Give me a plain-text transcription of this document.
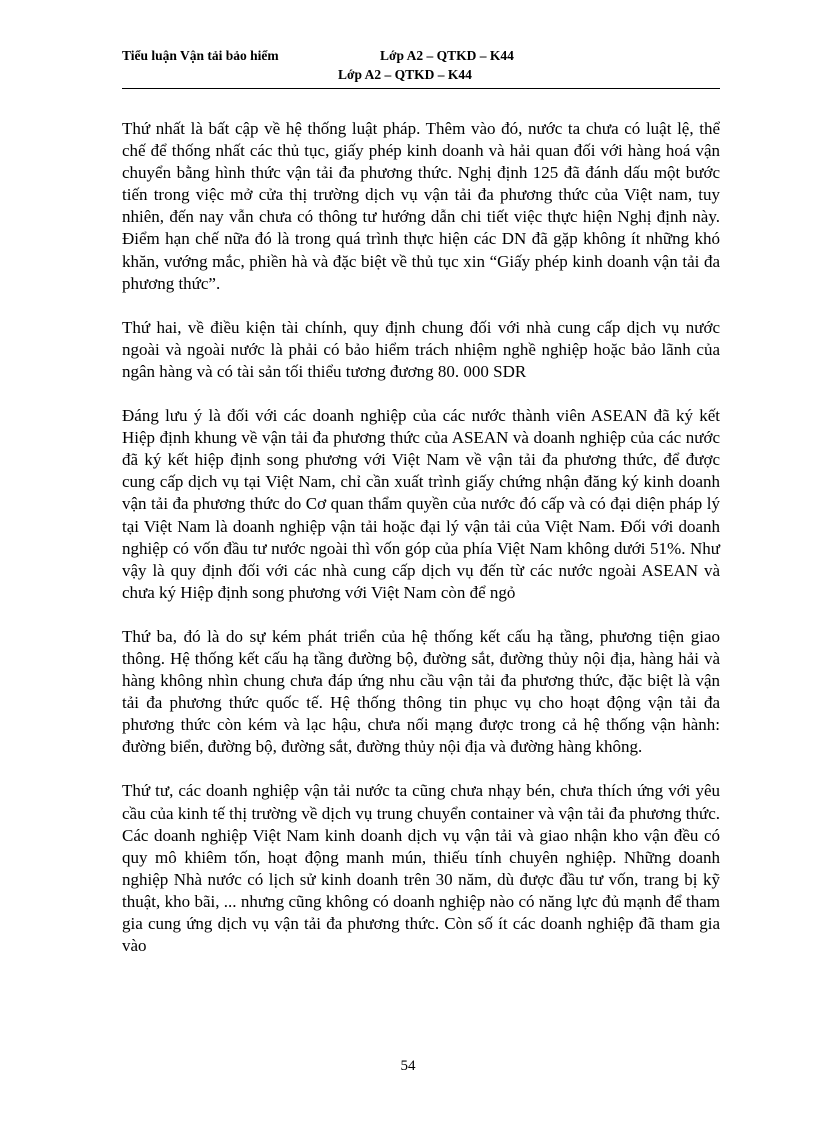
Tiểu luận Vận tải bảo hiểm	Lớp A2 – QTKD – K44
Lớp A2 – QTKD – K44

Thứ nhất là bất cập về hệ thống luật pháp. Thêm vào đó, nước ta chưa có luật lệ, thể chế để thống nhất các thủ tục, giấy phép kinh doanh và hải quan đối với hàng hoá vận chuyển bằng hình thức vận tải đa phương thức. Nghị định 125 đã đánh dấu một bước tiến trong việc mở cửa thị trường dịch vụ vận tải đa phương thức của Việt nam, tuy nhiên, đến nay vẫn chưa có thông tư hướng dẫn chi tiết việc thực hiện Nghị định này. Điểm hạn chế nữa đó là trong quá trình thực hiện các DN đã gặp không ít những khó khăn, vướng mắc, phiền hà và đặc biệt về thủ tục xin “Giấy phép kinh doanh vận tải đa phương thức”.

Thứ hai, về điều kiện tài chính, quy định chung đối với nhà cung cấp dịch vụ nước ngoài và ngoài nước là phải có bảo hiểm trách nhiệm nghề nghiệp hoặc bảo lãnh của ngân hàng và có tài sản tối thiểu tương đương 80. 000 SDR

Đáng lưu ý là đối với các doanh nghiệp của các nước thành viên ASEAN đã ký kết Hiệp định khung về vận tải đa phương thức của ASEAN và doanh nghiệp của các nước đã ký kết hiệp định song phương với Việt Nam về vận tải đa phương thức, để được cung cấp dịch vụ tại Việt Nam, chỉ cần xuất trình giấy chứng nhận đăng ký kinh doanh vận tải đa phương thức do Cơ quan thẩm quyền của nước đó cấp và có đại diện pháp lý tại Việt Nam là doanh nghiệp vận tải hoặc đại lý vận tải của Việt Nam. Đối với doanh nghiệp có vốn đầu tư nước ngoài thì vốn góp của phía Việt Nam không dưới 51%. Như vậy là quy định đối với các nhà cung cấp dịch vụ đến từ các nước ngoài ASEAN và chưa ký Hiệp định song phương với Việt Nam còn để ngỏ

Thứ ba, đó là do sự kém phát triển của hệ thống kết cấu hạ tầng, phương tiện giao thông. Hệ thống kết cấu hạ tầng đường bộ, đường sắt, đường thủy nội địa, hàng hải và hàng không nhìn chung chưa đáp ứng nhu cầu vận tải đa phương thức, đặc biệt là vận tải đa phương thức quốc tế. Hệ thống thông tin phục vụ cho hoạt động vận tải đa phương thức còn kém và lạc hậu, chưa nối mạng được trong cả hệ thống vận hành: đường biển, đường bộ, đường sắt, đường thủy nội địa và đường hàng không.

Thứ tư, các doanh nghiệp vận tải nước ta cũng chưa nhạy bén, chưa thích ứng với yêu cầu của kinh tế thị trường về dịch vụ trung chuyển container và vận tải đa phương thức. Các doanh nghiệp Việt Nam kinh doanh dịch vụ vận tải và giao nhận kho vận đều có quy mô khiêm tốn, hoạt động manh mún, thiếu tính chuyên nghiệp. Những doanh nghiệp Nhà nước có lịch sử kinh doanh trên 30 năm, dù được đầu tư vốn, trang bị kỹ thuật, kho bãi, ... nhưng cũng không có doanh nghiệp nào có năng lực đủ mạnh để tham gia cung ứng dịch vụ vận tải đa phương thức. Còn số ít các doanh nghiệp đã tham gia vào

54
